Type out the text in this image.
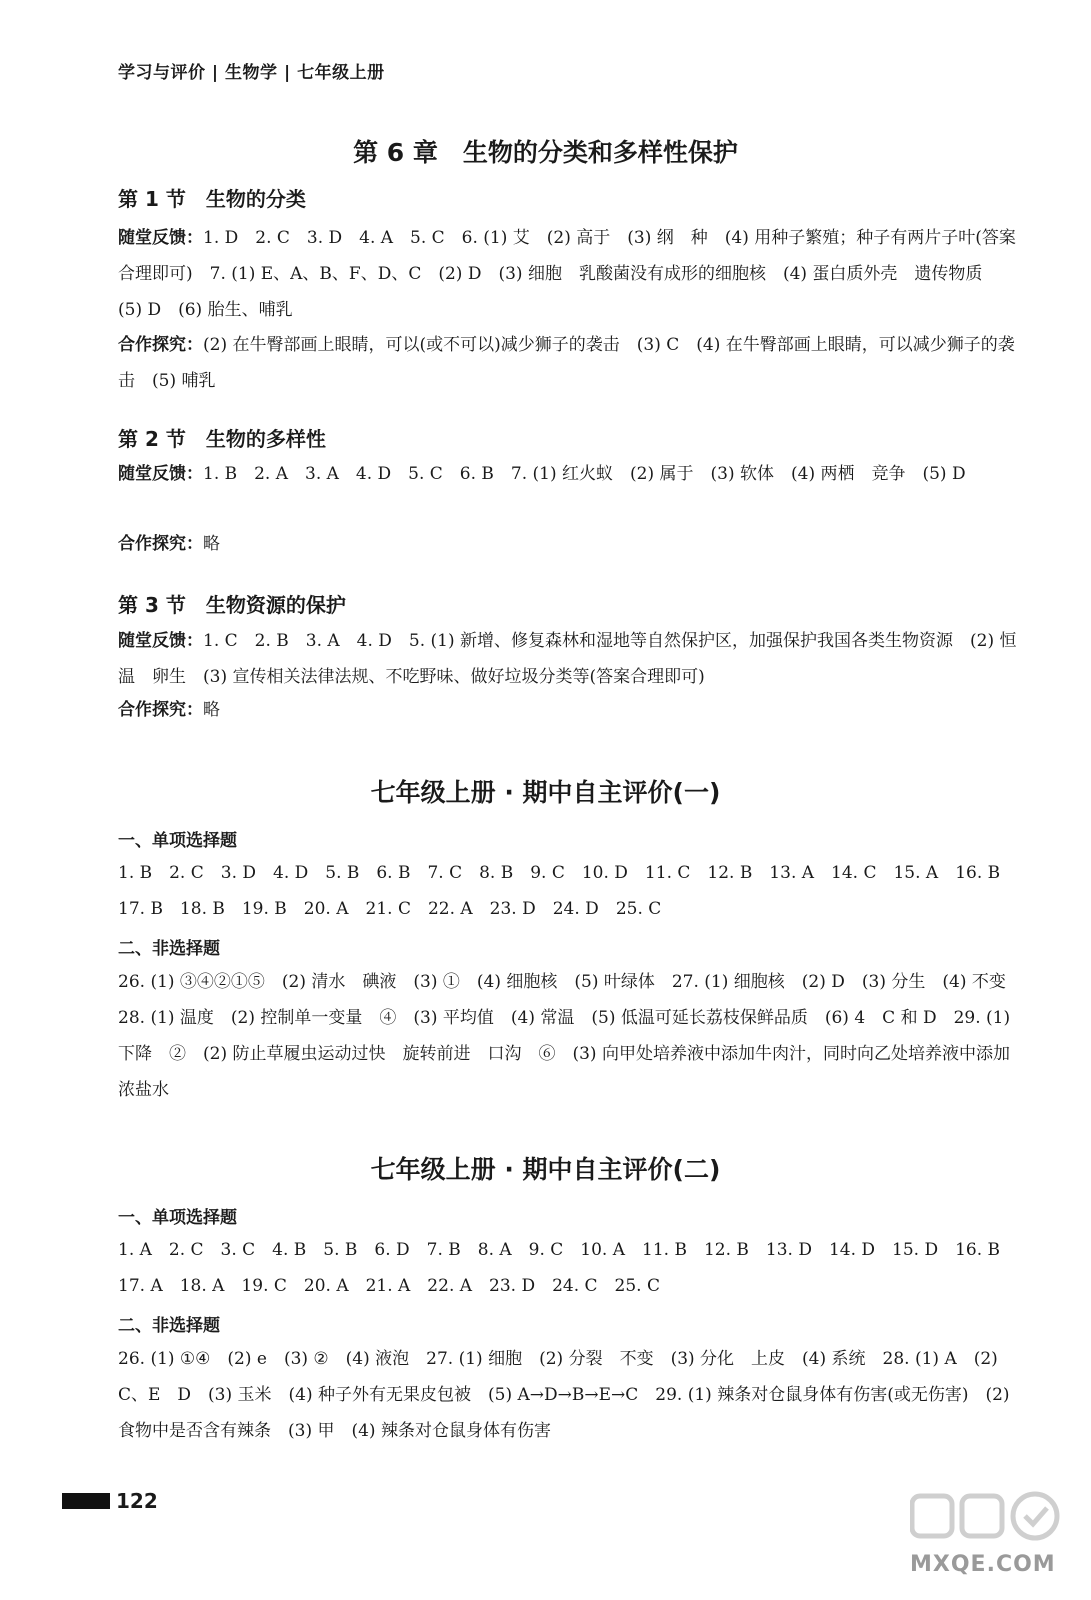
学习与评价 | 生物学 | 七年级上册
第 6 章　生物的分类和多样性保护
第 1 节　生物的分类

随堂反馈：1. D　2. C　3. D　4. A　5. C　6. (1) 艾　(2) 高于　(3) 纲　种　(4) 用种子繁殖；种子有两片子叶(答案合理即可)　7. (1) E、A、B、F、D、C　(2) D　(3) 细胞　乳酸菌没有成形的细胞核　(4) 蛋白质外壳　遗传物质　(5) D　(6) 胎生、哺乳

合作探究：(2) 在牛臀部画上眼睛，可以(或不可以)减少狮子的袭击　(3) C　(4) 在牛臀部画上眼睛，可以减少狮子的袭击　(5) 哺乳

第 2 节　生物的多样性

随堂反馈：1. B　2. A　3. A　4. D　5. C　6. B　7. (1) 红火蚁　(2) 属于　(3) 软体　(4) 两栖　竞争　(5) D

合作探究：略

第 3 节　生物资源的保护

随堂反馈：1. C　2. B　3. A　4. D　5. (1) 新增、修复森林和湿地等自然保护区，加强保护我国各类生物资源　(2) 恒温　卵生　(3) 宣传相关法律法规、不吃野味、做好垃圾分类等(答案合理即可)

合作探究：略

七年级上册 · 期中自主评价(一)
一、单项选择题

1. B　2. C　3. D　4. D　5. B　6. B　7. C　8. B　9. C　10. D　11. C　12. B　13. A　14. C　15. A　16. B　17. B　18. B　19. B　20. A　21. C　22. A　23. D　24. D　25. C

二、非选择题

26. (1) ③④②①⑤　(2) 清水　碘液　(3) ①　(4) 细胞核　(5) 叶绿体　27. (1) 细胞核　(2) D　(3) 分生　(4) 不变　28. (1) 温度　(2) 控制单一变量　④　(3) 平均值　(4) 常温　(5) 低温可延长荔枝保鲜品质　(6) 4　C 和 D　29. (1) 下降　②　(2) 防止草履虫运动过快　旋转前进　口沟　⑥　(3) 向甲处培养液中添加牛肉汁，同时向乙处培养液中添加浓盐水

七年级上册 · 期中自主评价(二)
一、单项选择题

1. A　2. C　3. C　4. B　5. B　6. D　7. B　8. A　9. C　10. A　11. B　12. B　13. D　14. D　15. D　16. B　17. A　18. A　19. C　20. A　21. A　22. A　23. D　24. C　25. C

二、非选择题

26. (1) ①④　(2) e　(3) ②　(4) 液泡　27. (1) 细胞　(2) 分裂　不变　(3) 分化　上皮　(4) 系统　28. (1) A　(2) C、E　D　(3) 玉米　(4) 种子外有无果皮包被　(5) A→D→B→E→C　29. (1) 辣条对仓鼠身体有伤害(或无伤害)　(2) 食物中是否含有辣条　(3) 甲　(4) 辣条对仓鼠身体有伤害

122
MXQE.COM
